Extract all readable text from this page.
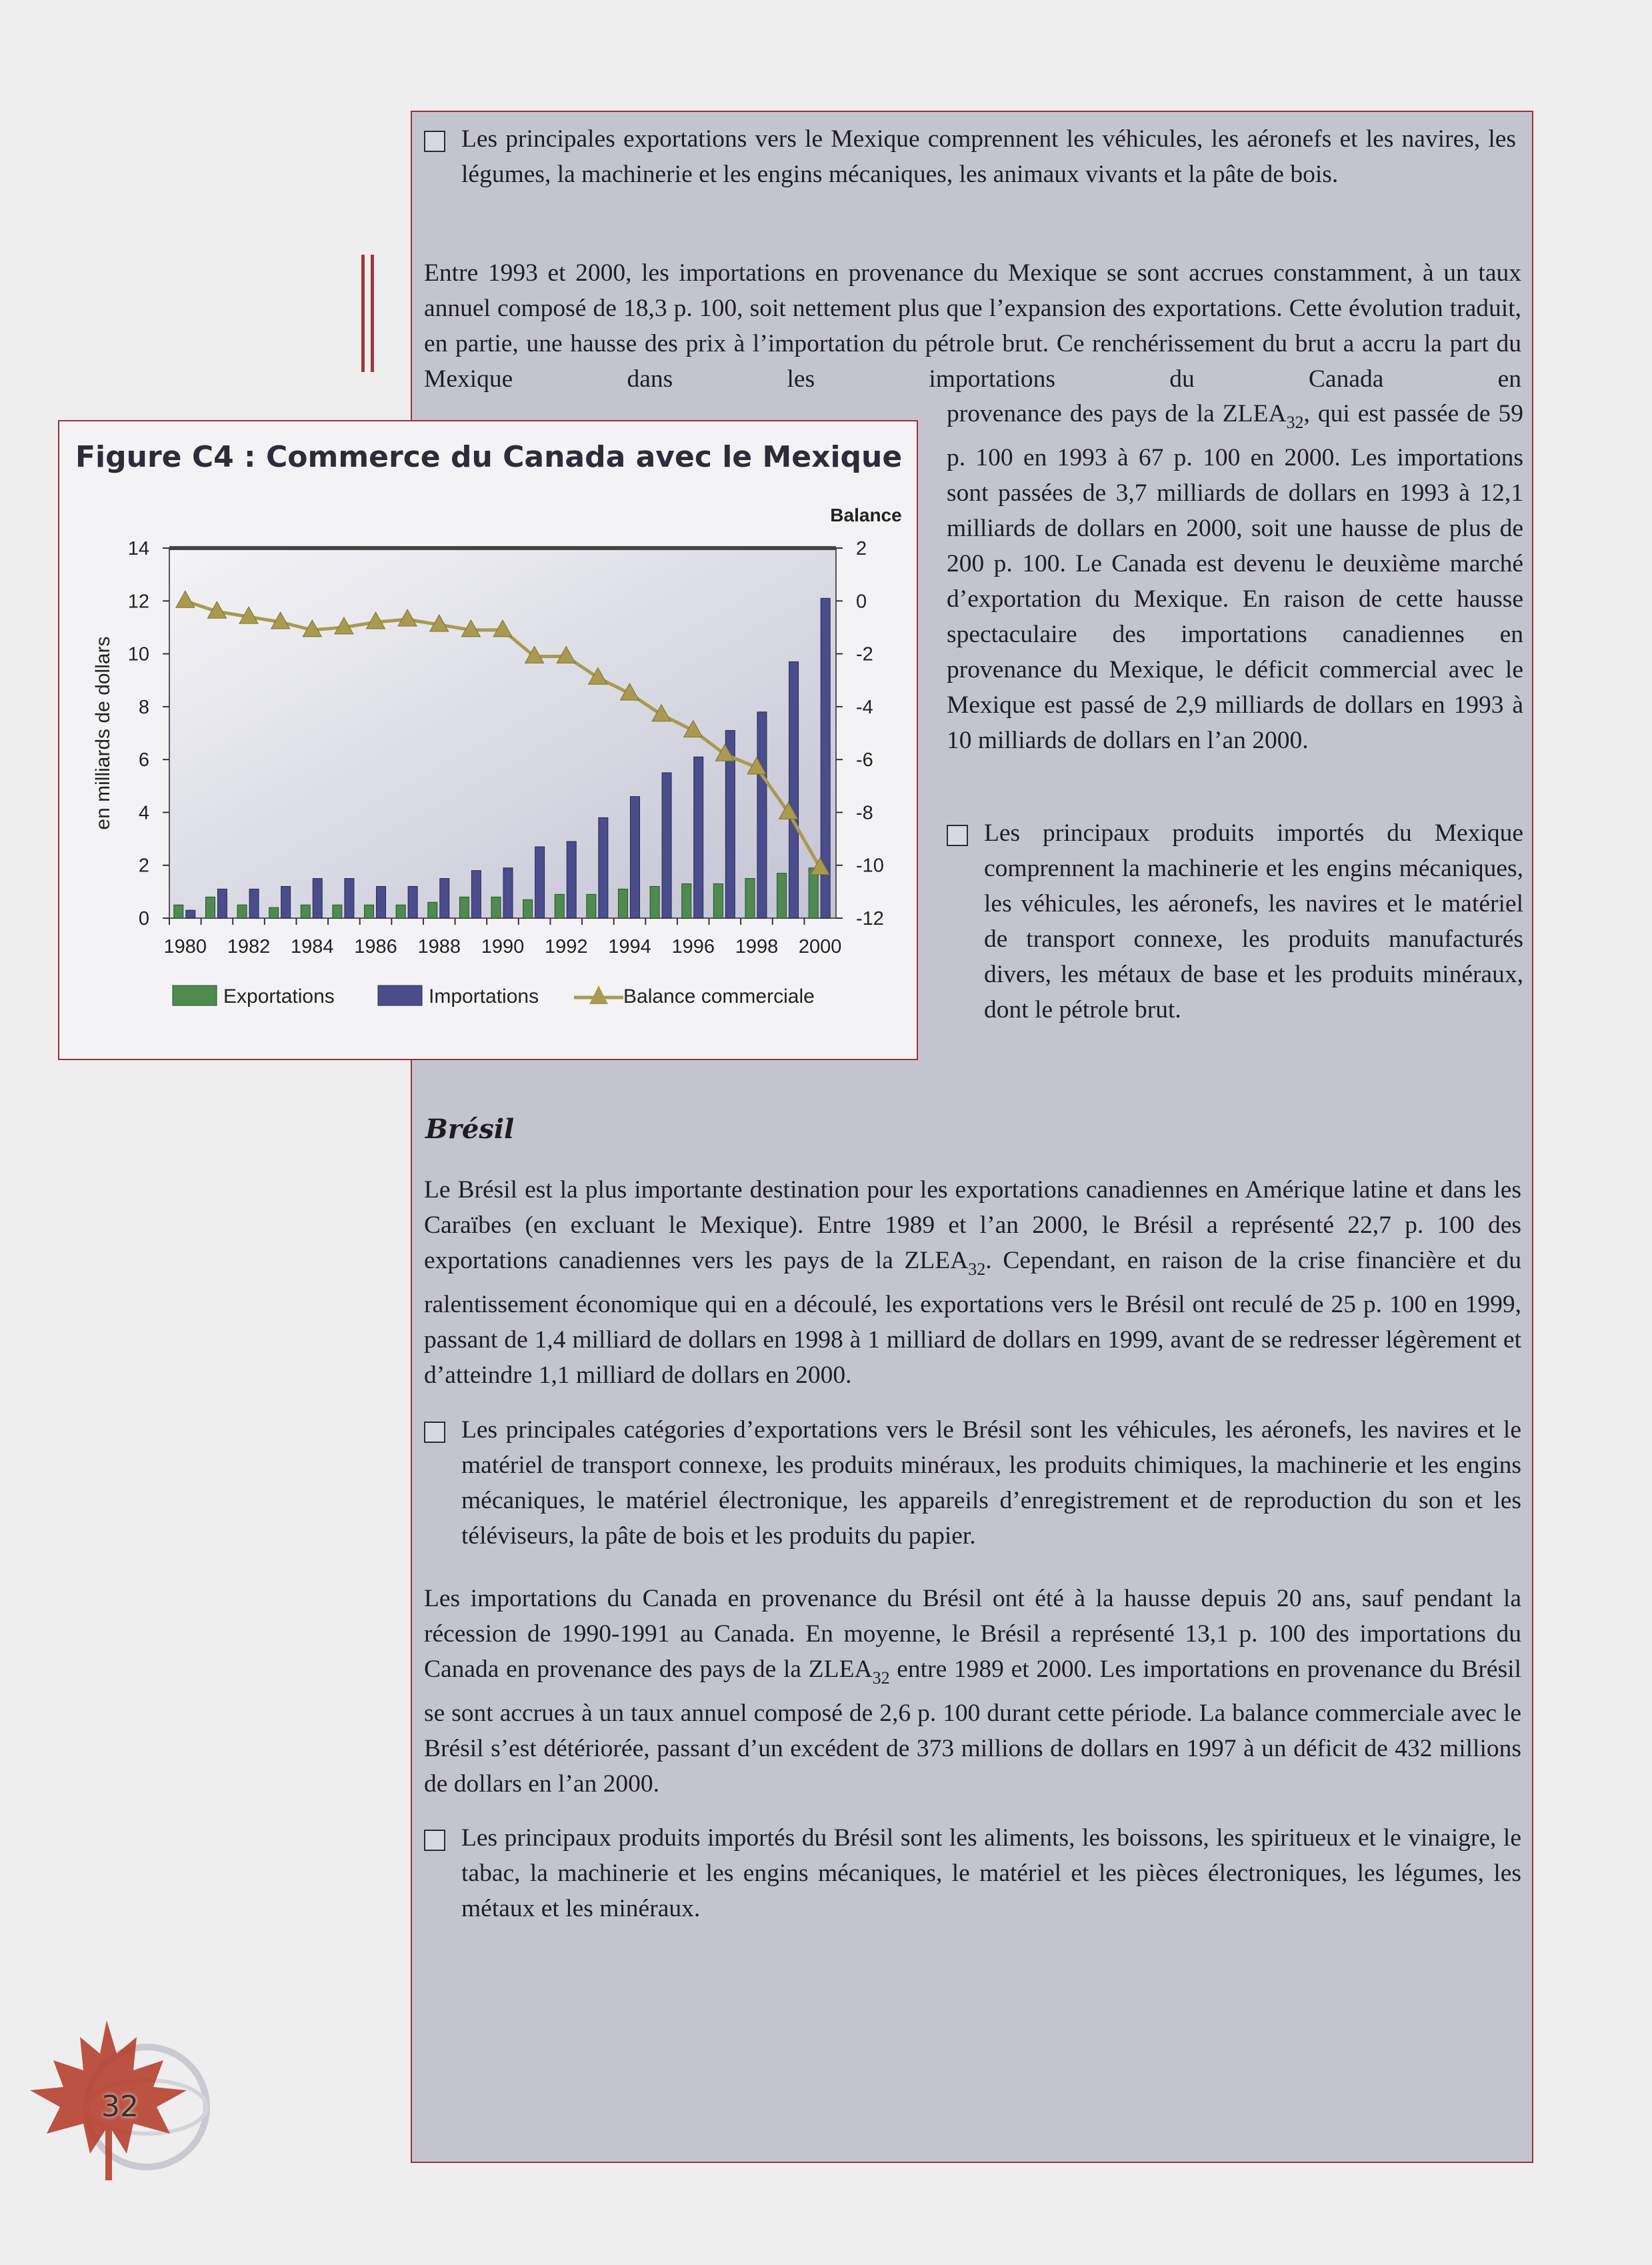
Les principales exportations vers le Mexique comprennent les véhicules, les aéronefs et les navires, les légumes, la machinerie et les engins mécaniques, les animaux vivants et la pâte de bois.

Entre 1993 et 2000, les importations en provenance du Mexique se sont accrues constamment, à un taux annuel composé de 18,3 p. 100, soit nettement plus que l’expansion des exportations. Cette évolution traduit, en partie, une hausse des prix à l’importation du pétrole brut. Ce renchérissement du brut a accru la part du Mexique dans les importations du Canada en

provenance des pays de la $ZLEA_{32}$, qui est passée de 59 p. 100 en 1993 à 67 p. 100 en 2000. Les importations sont passées de 3,7 milliards de dollars en 1993 à 12,1 milliards de dollars en 2000, soit une hausse de plus de 200 p. 100. Le Canada est devenu le deuxième marché d’exportation du Mexique. En raison de cette hausse spectaculaire des importations canadiennes en provenance du Mexique, le déficit commercial avec le Mexique est passé de 2,9 milliards de dollars en 1993 à 10 milliards de dollars en l’an 2000.

Les principaux produits importés du Mexique comprennent la machinerie et les engins mécaniques, les véhicules, les aéronefs, les navires et le matériel de transport connexe, les produits manufacturés divers, les métaux de base et les produits minéraux, dont le pétrole brut.

Brésil

Le Brésil est la plus importante destination pour les exportations canadiennes en Amérique latine et dans les Caraïbes (en excluant le Mexique). Entre 1989 et l’an 2000, le Brésil a représenté 22,7 p. 100 des exportations canadiennes vers les pays de la $ZLEA_{32}$. Cependant, en raison de la crise financière et du ralentissement économique qui en a découlé, les exportations vers le Brésil ont reculé de 25 p. 100 en 1999, passant de 1,4 milliard de dollars en 1998 à 1 milliard de dollars en 1999, avant de se redresser légèrement et d’atteindre 1,1 milliard de dollars en 2000.

Les principales catégories d’exportations vers le Brésil sont les véhicules, les aéronefs, les navires et le matériel de transport connexe, les produits minéraux, les produits chimiques, la machinerie et les engins mécaniques, le matériel électronique, les appareils d’enregistrement et de reproduction du son et les téléviseurs, la pâte de bois et les produits du papier.

Les importations du Canada en provenance du Brésil ont été à la hausse depuis 20 ans, sauf pendant la récession de 1990-1991 au Canada. En moyenne, le Brésil a représenté 13,1 p. 100 des importations du Canada en provenance des pays de la $ZLEA_{32}$ entre 1989 et 2000. Les importations en provenance du Brésil se sont accrues à un taux annuel composé de 2,6 p. 100 durant cette période. La balance commerciale avec le Brésil s’est détériorée, passant d’un excédent de 373 millions de dollars en 1997 à un déficit de 432 millions de dollars en l’an 2000.

Les principaux produits importés du Brésil sont les aliments, les boissons, les spiritueux et le vinaigre, le tabac, la machinerie et les engins mécaniques, le matériel et les pièces électroniques, les légumes, les métaux et les minéraux.

0
2
4
6
8
10
12
14
-12
-10
-8
-6
-4
-2
0
2
1980 1982 1984 1986 1988 1990 1992 1994 1996 1998 2000
en milliards de dollars
Balance
Exportations	Importations	Balance commerciale
Figure C4 : Commerce du Canada avec le Mexique
32
